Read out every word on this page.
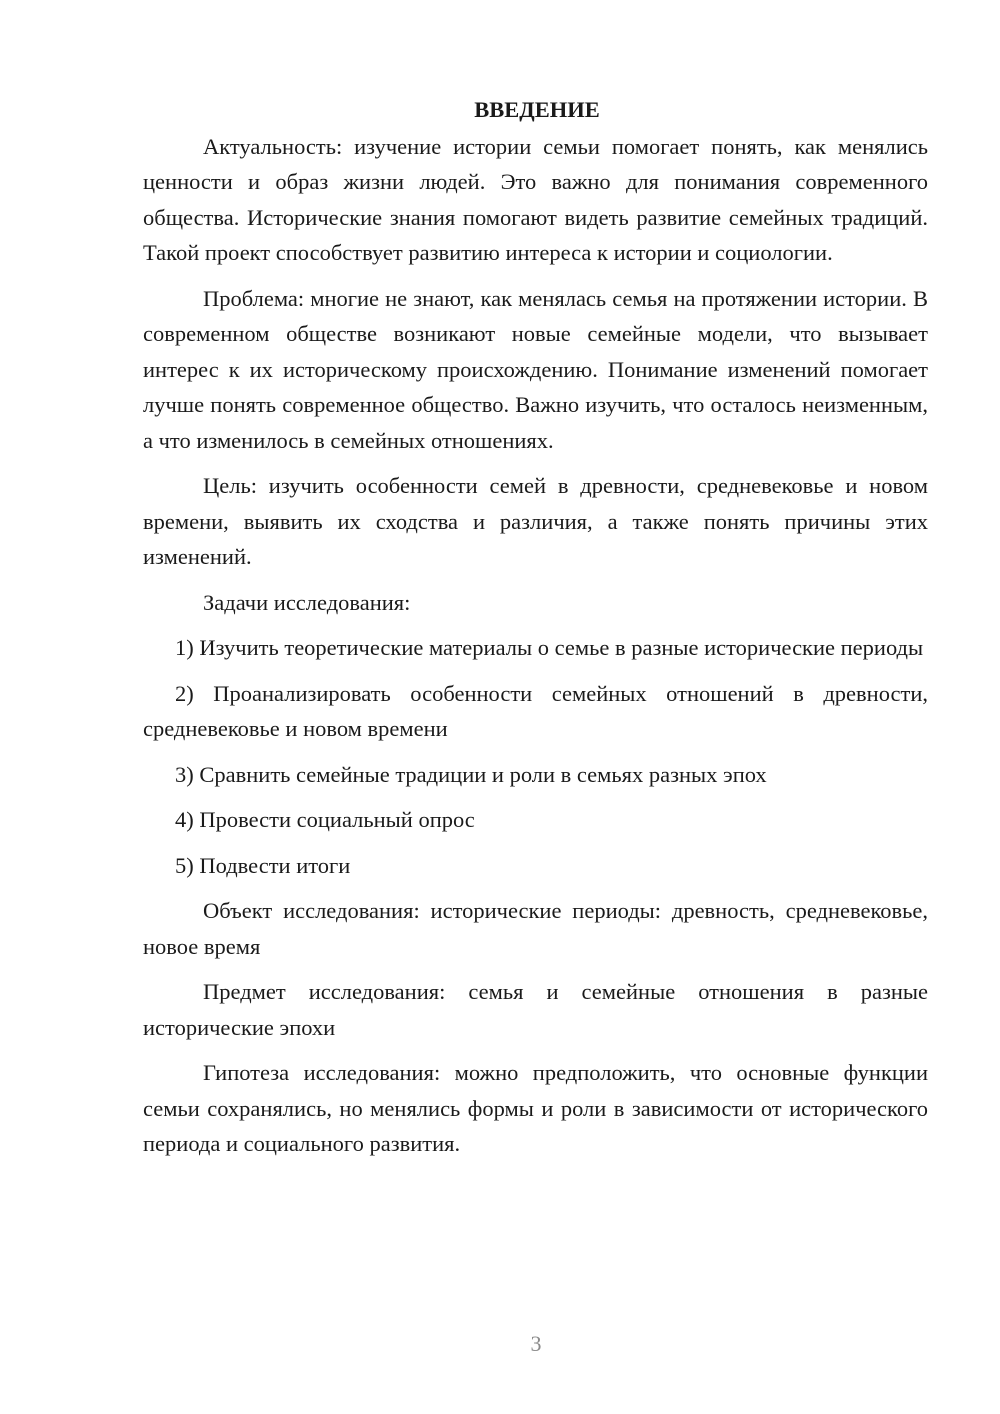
ВВЕДЕНИЕ

Актуальность: изучение истории семьи помогает понять, как менялись ценности и образ жизни людей. Это важно для понимания современного общества. Исторические знания помогают видеть развитие семейных традиций. Такой проект способствует развитию интереса к истории и социологии.

Проблема: многие не знают, как менялась семья на протяжении истории. В современном обществе возникают новые семейные модели, что вызывает интерес к их историческому происхождению. Понимание изменений помогает лучше понять современное общество. Важно изучить, что осталось неизменным, а что изменилось в семейных отношениях.

Цель: изучить особенности семей в древности, средневековье и новом времени, выявить их сходства и различия, а также понять причины этих изменений.

Задачи исследования:

1) Изучить теоретические материалы о семье в разные исторические периоды
2) Проанализировать особенности семейных отношений в древности, средневековье и новом времени
3) Сравнить семейные традиции и роли в семьях разных эпох
4) Провести социальный опрос
5) Подвести итоги

Объект исследования: исторические периоды: древность, средневековье, новое время

Предмет исследования: семья и семейные отношения в разные исторические эпохи

Гипотеза исследования: можно предположить, что основные функции семьи сохранялись, но менялись формы и роли в зависимости от исторического периода и социального развития.

3
